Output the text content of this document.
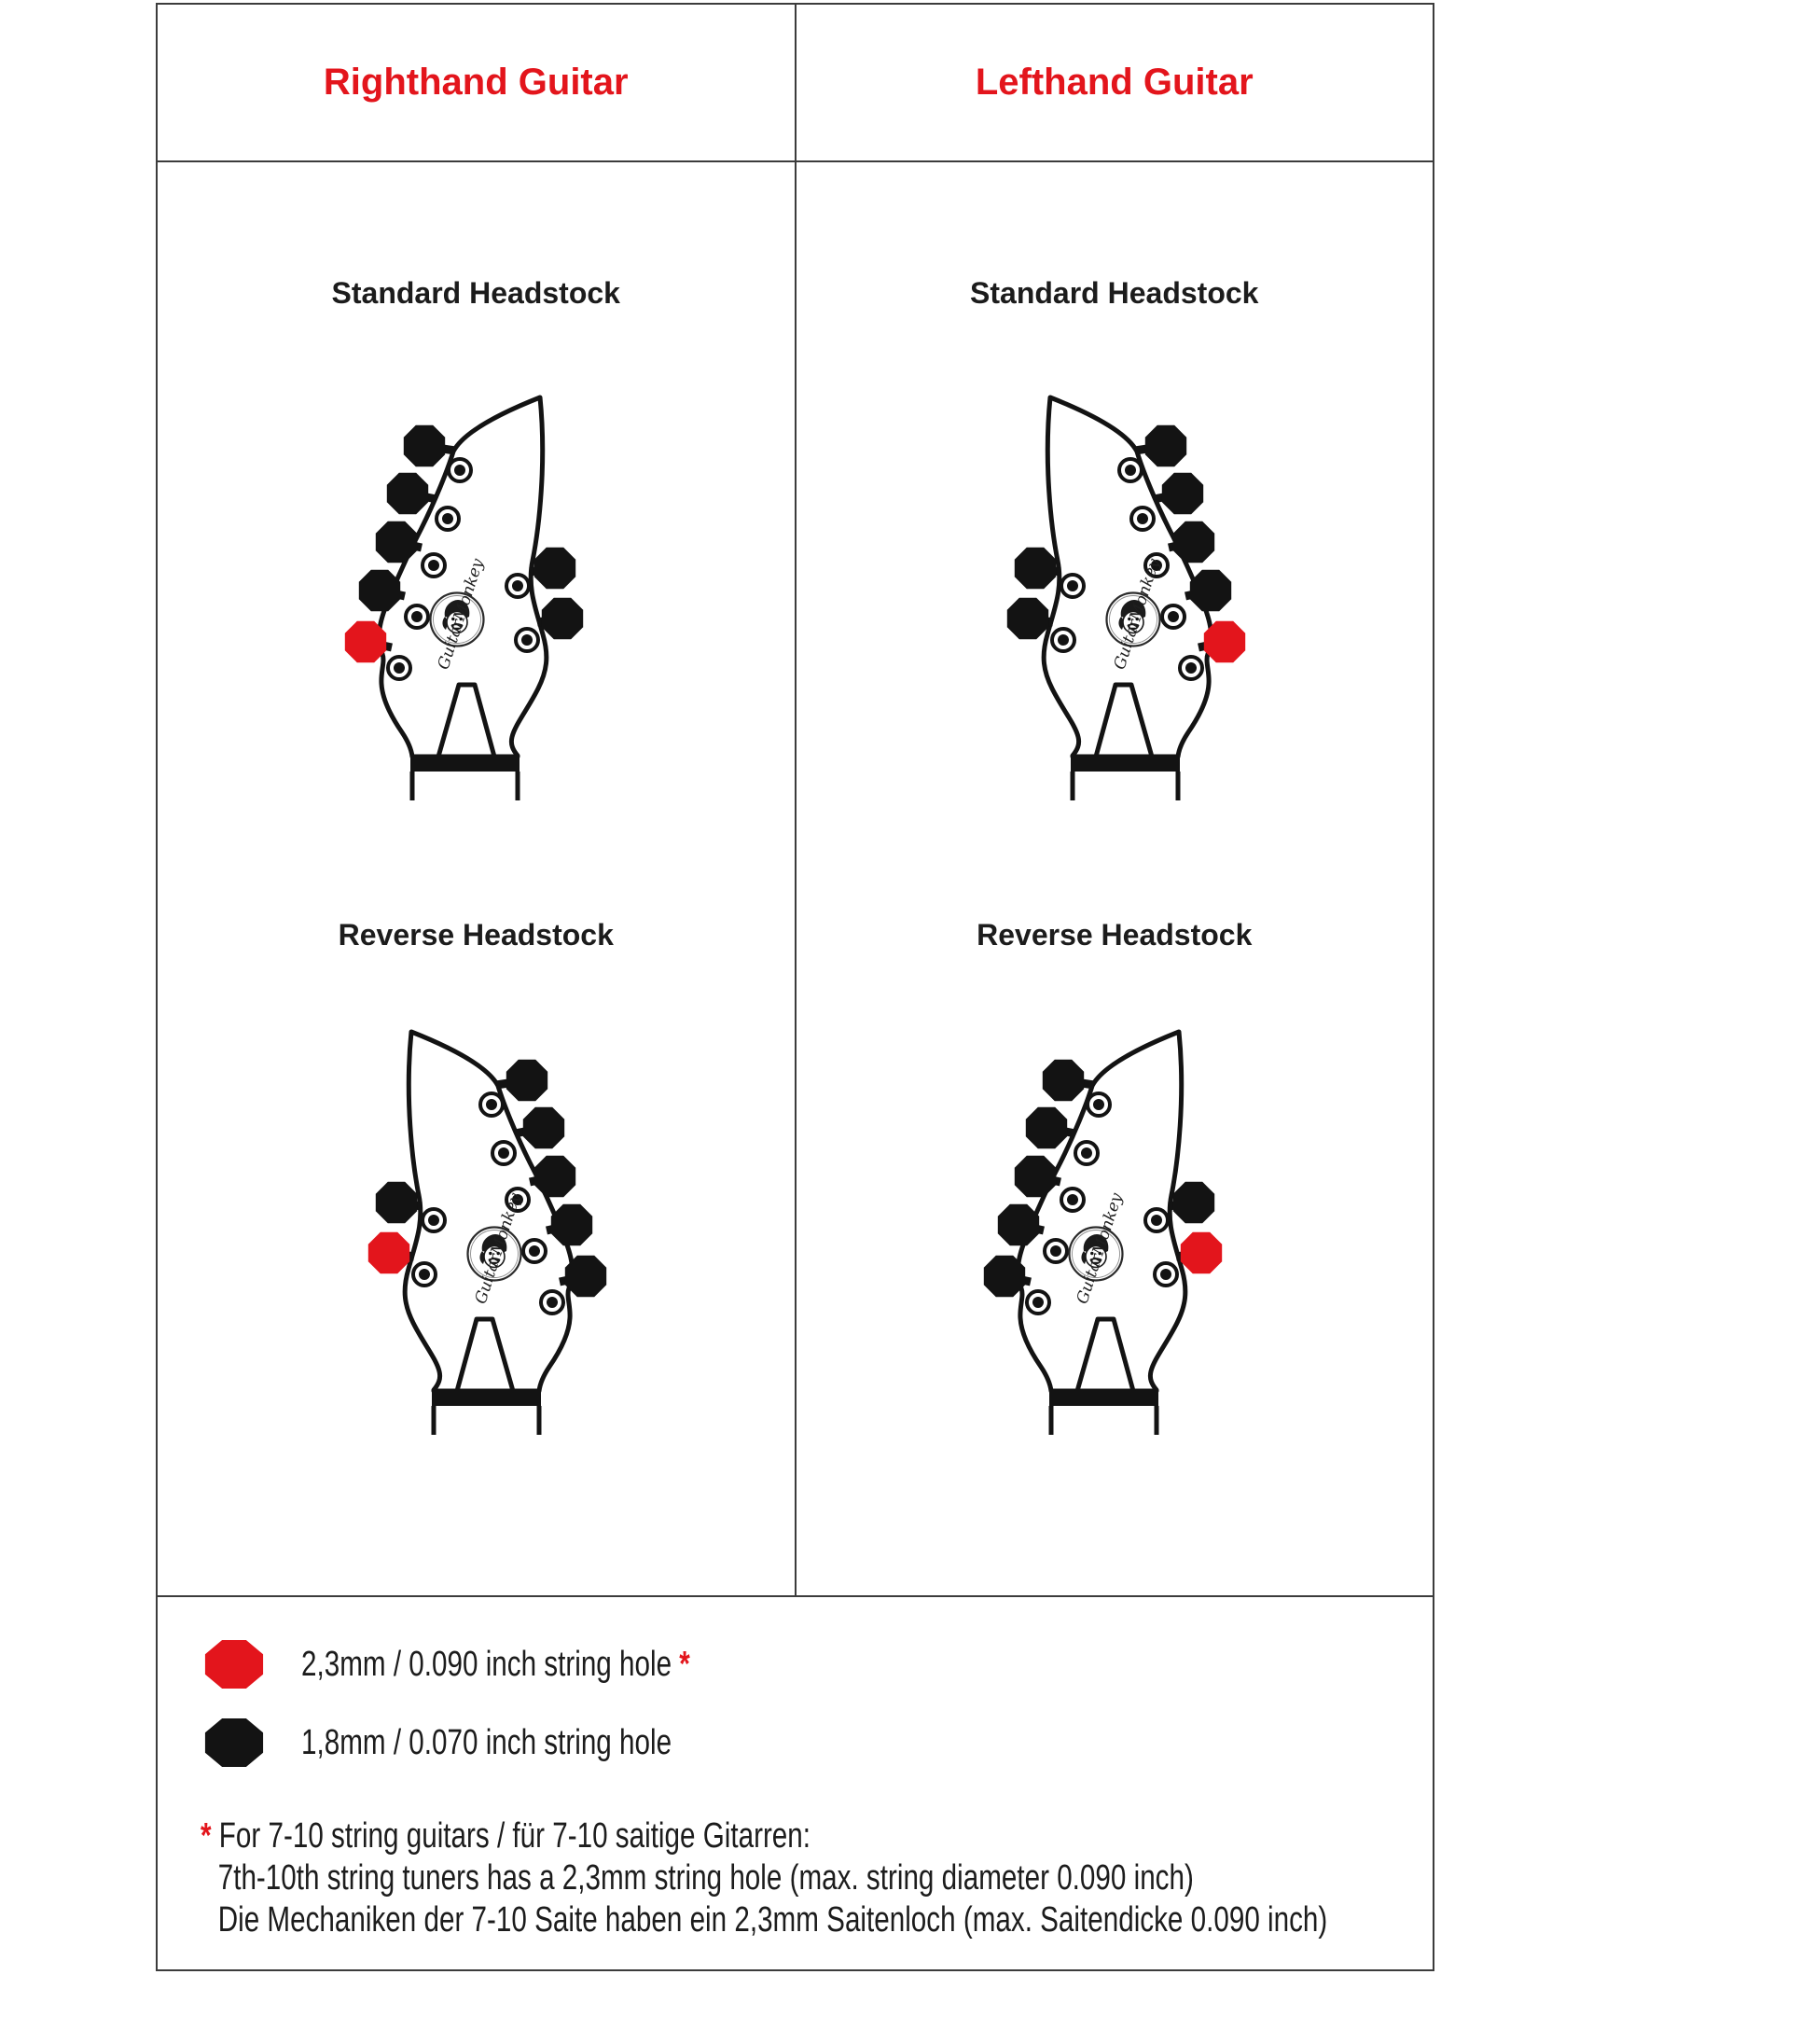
Righthand Guitar	Lefthand Guitar
Standard Headstock
Reverse Headstock
Standard Headstock
Reverse Headstock
2,3mm / 0.090 inch string hole *
1,8mm / 0.070 inch string hole
* For 7-10 string guitars / für 7-10 saitige Gitarren:
7th-10th string tuners has a 2,3mm string hole (max. string diameter 0.090 inch)
Die Mechaniken der 7-10 Saite haben ein 2,3mm Saitenloch (max. Saitendicke 0.090 inch)
